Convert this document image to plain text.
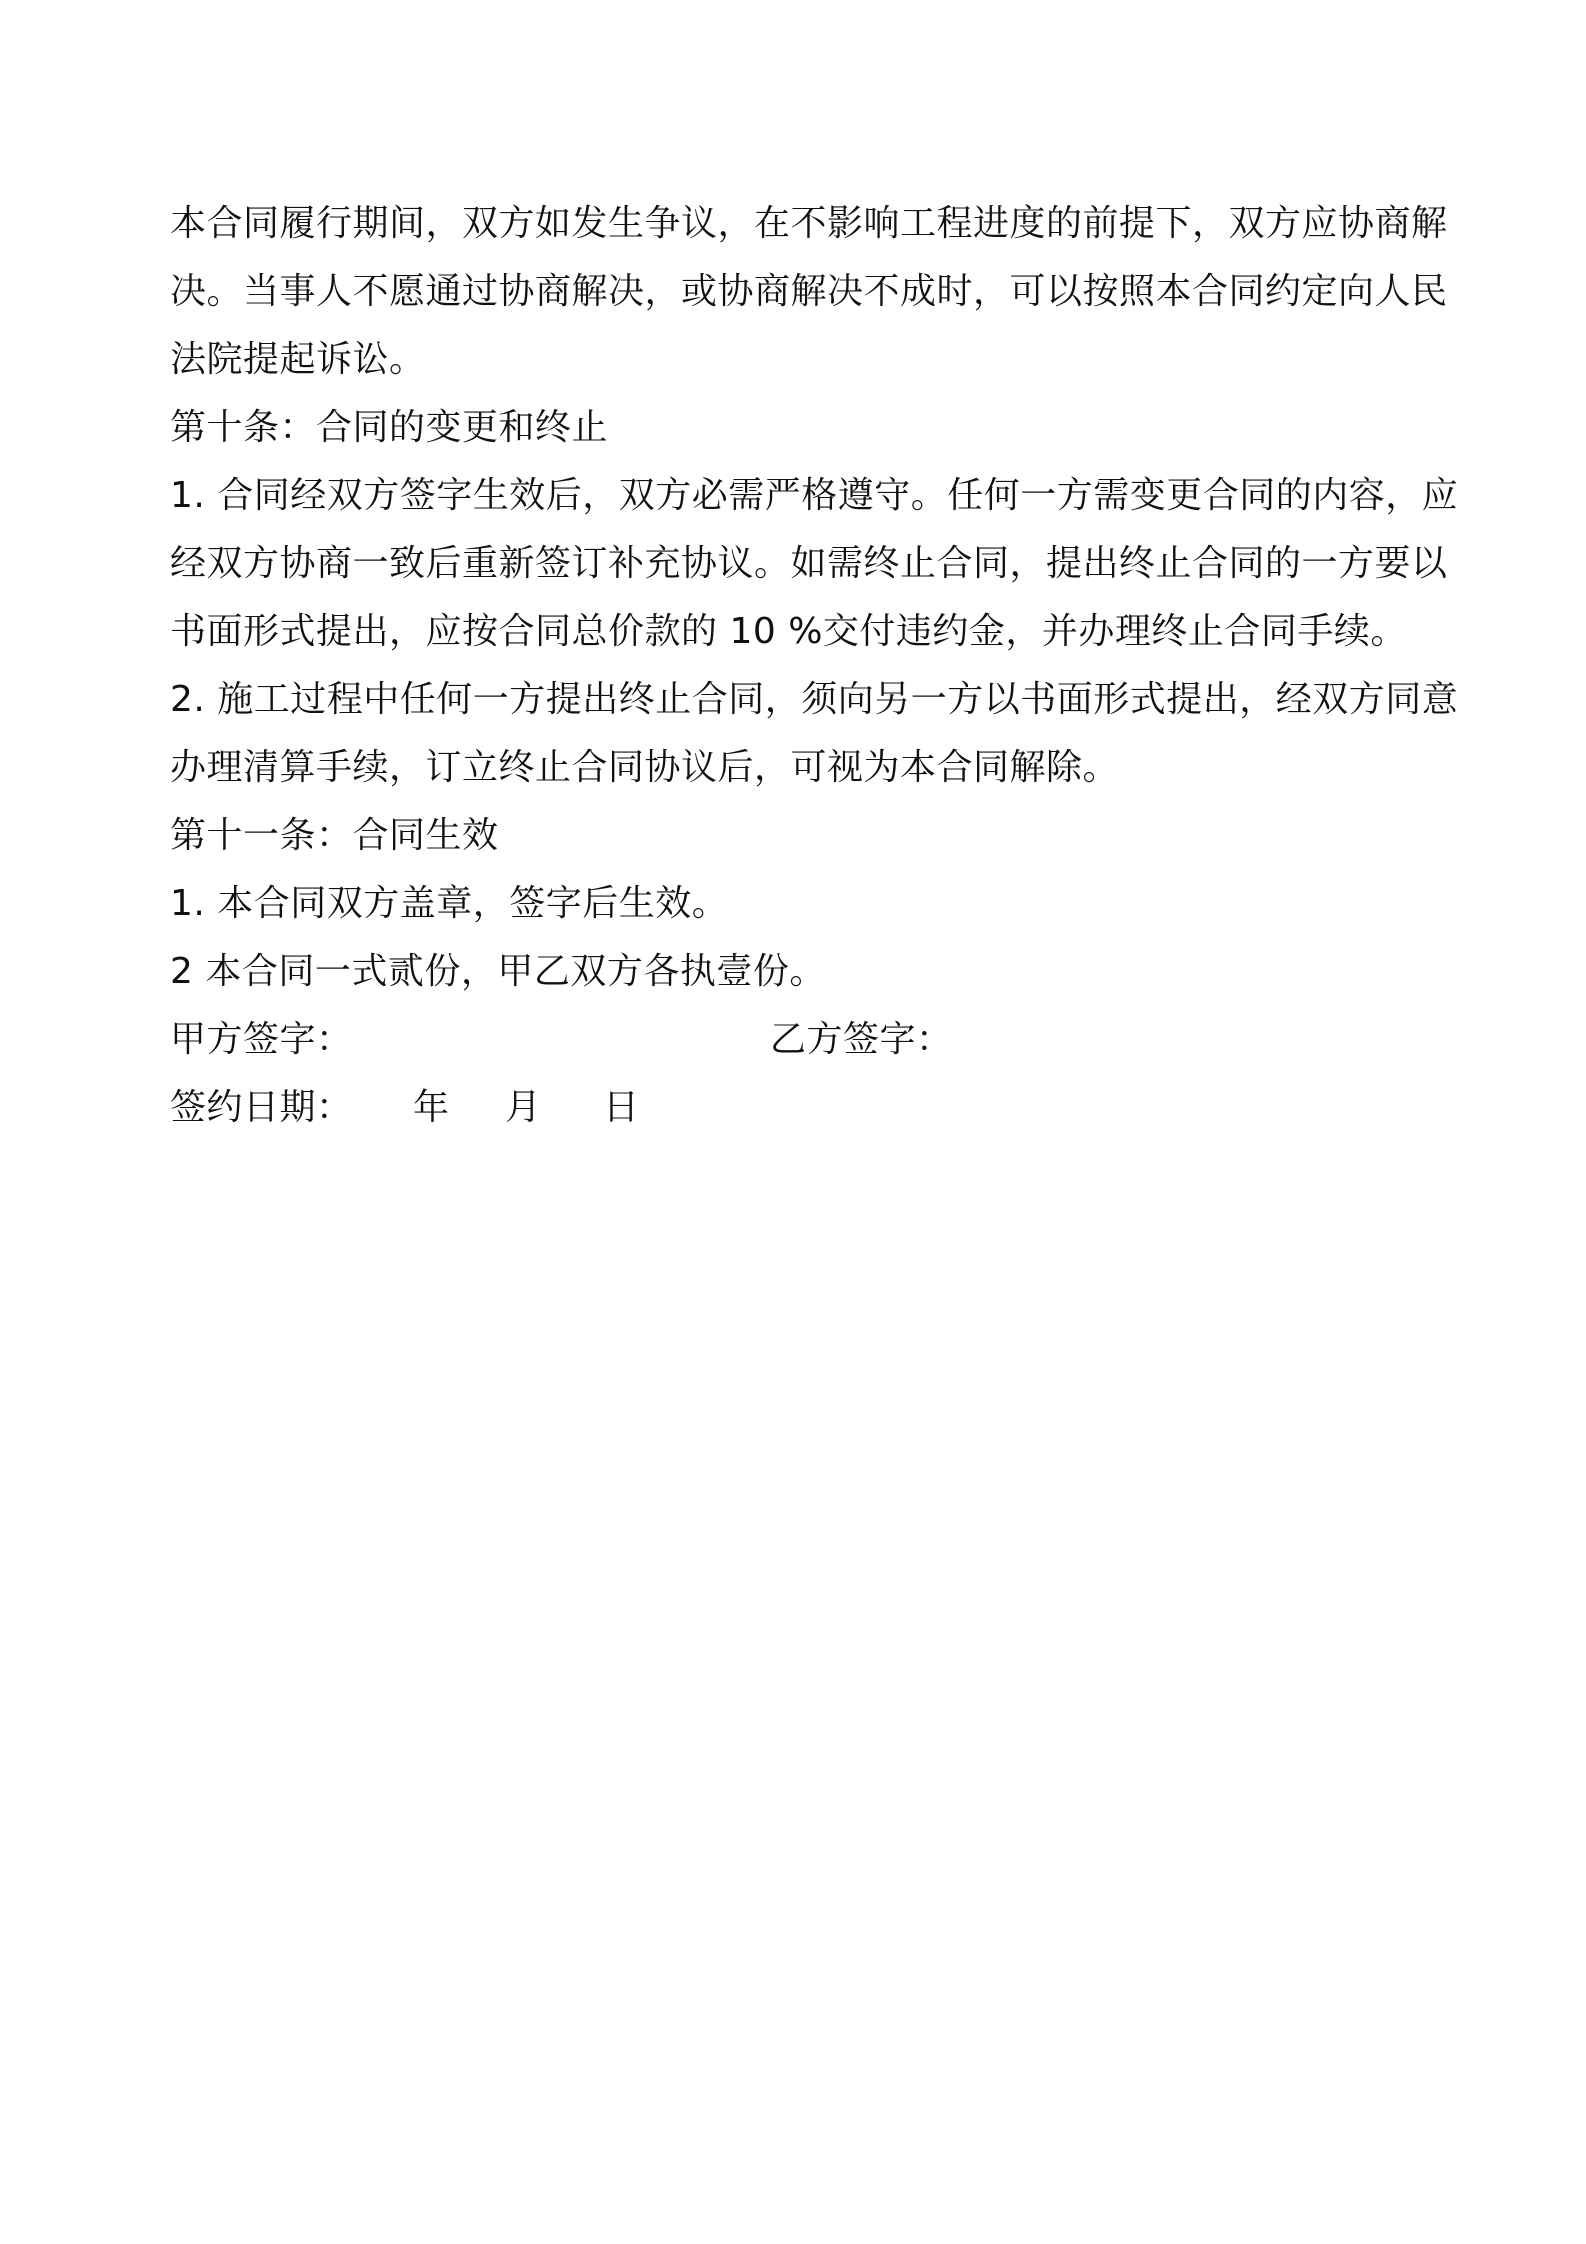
本合同履行期间，双方如发生争议，在不影响工程进度的前提下，双方应协商解决。当事人不愿通过协商解决，或协商解决不成时，可以按照本合同约定向人民法院提起诉讼。

第十条：合同的变更和终止

1. 合同经双方签字生效后，双方必需严格遵守。任何一方需变更合同的内容，应经双方协商一致后重新签订补充协议。如需终止合同，提出终止合同的一方要以书面形式提出，应按合同总价款的 10 %交付违约金，并办理终止合同手续。

2. 施工过程中任何一方提出终止合同，须向另一方以书面形式提出，经双方同意办理清算手续，订立终止合同协议后，可视为本合同解除。

第十一条：合同生效

1. 本合同双方盖章，签字后生效。

2 本合同一式贰份，甲乙双方各执壹份。

甲方签字：	乙方签字：
签约日期： 年 月 日
